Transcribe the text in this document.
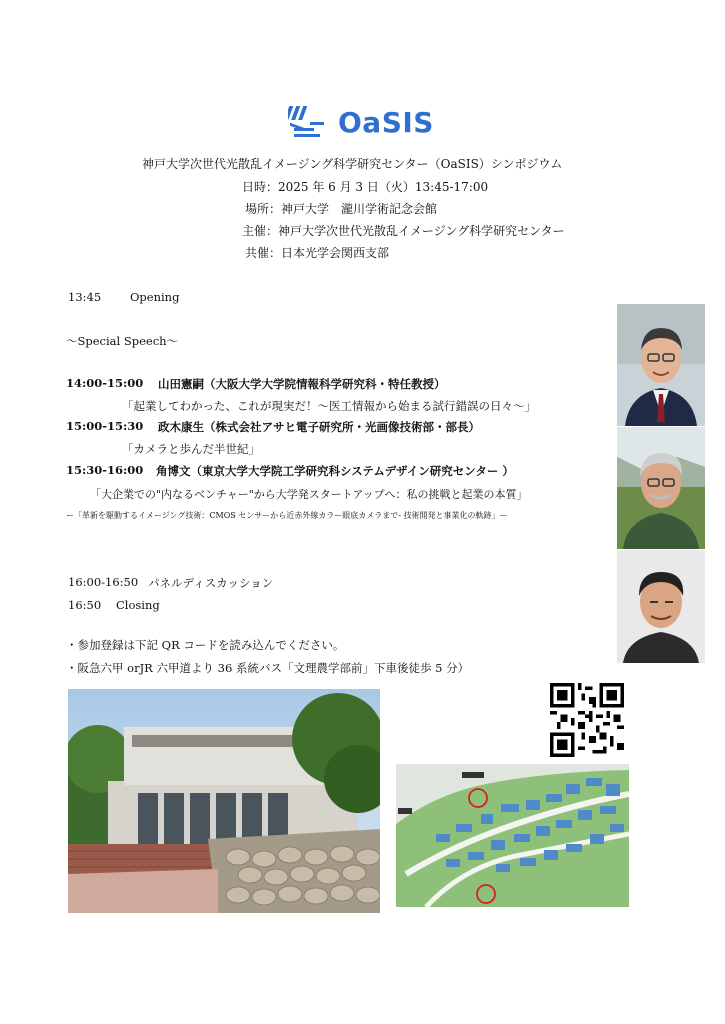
OaSIS
神戸大学次世代光散乱イメージング科学研究センター（OaSIS）シンポジウム
日時：2025 年 6 月 3 日（火）13:45-17:00
場所：神戸大学　瀧川学術記念会館
主催：神戸大学次世代光散乱イメージング科学研究センター
共催：日本光学会関西支部
13:45	Opening
〜Special Speech〜
14:00-15:00 山田憲嗣（大阪大学大学院情報科学研究科・特任教授）
「起業してわかった、これが現実だ！〜医工情報から始まる試行錯誤の日々〜」
15:00-15:30 政木康生（株式会社アサヒ電子研究所・光画像技術部・部長）
「カメラと歩んだ半世紀」
15:30-16:00 角博文（東京大学大学院工学研究科システムデザイン研究センター ）
「大企業での"内なるベンチャー"から大学発スタートアップへ：私の挑戦と起業の本質」
ー「革新を駆動するイメージング技術：CMOS センサーから近赤外線カラー眼底カメラまで‐ 技術開発と事業化の軌跡」ー
16:00-16:50 パネルディスカッション
16:50 Closing
・参加登録は下記 QR コードを読み込んでください。
・阪急六甲 orJR 六甲道より 36 系統バス「文理農学部前」下車後徒歩 5 分）
